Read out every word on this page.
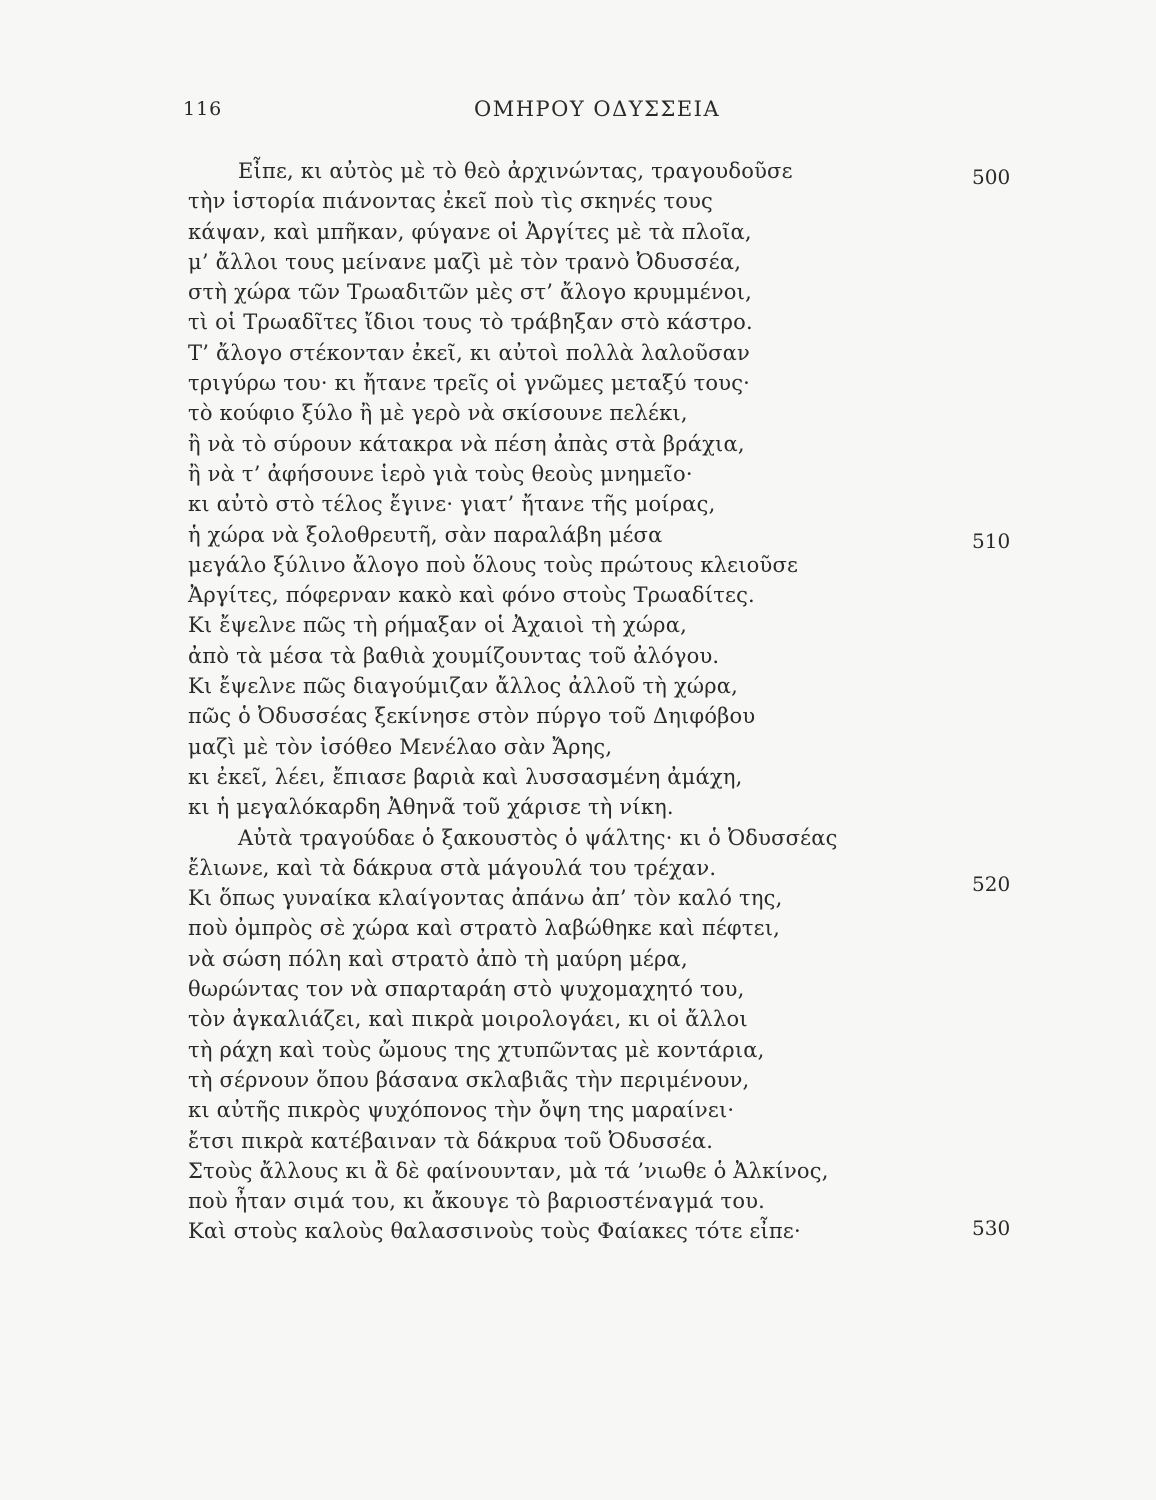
116	ΟΜΗΡΟΥ ΟΔΥΣΣΕΙΑ
Εἶπε, κι αὐτὸς μὲ τὸ θεὸ ἀρχινώντας, τραγουδοῦσε
τὴν ἱστορία πιάνοντας ἐκεῖ ποὺ τὶς σκηνές τους
κάψαν, καὶ μπῆκαν, φύγανε οἱ Ἀργίτες μὲ τὰ πλοῖα,
μ’ ἄλλοι τους μείνανε μαζὶ μὲ τὸν τρανὸ Ὀδυσσέα,
στὴ χώρα τῶν Τρωαδιτῶν μὲς στ’ ἄλογο κρυμμένοι,
τὶ οἱ Τρωαδῖτες ἴδιοι τους τὸ τράβηξαν στὸ κάστρο.
Τ’ ἄλογο στέκονταν ἐκεῖ, κι αὐτοὶ πολλὰ λαλοῦσαν
τριγύρω του· κι ἤτανε τρεῖς οἱ γνῶμες μεταξύ τους·
τὸ κούφιο ξύλο ἢ μὲ γερὸ νὰ σκίσουνε πελέκι,
ἢ νὰ τὸ σύρουν κάτακρα νὰ πέση ἀπὰς στὰ βράχια,
ἢ νὰ τ’ ἀφήσουνε ἱερὸ γιὰ τοὺς θεοὺς μνημεῖο·
κι αὐτὸ στὸ τέλος ἔγινε· γιατ’ ἤτανε τῆς μοίρας,
ἡ χώρα νὰ ξολοθρευτῆ, σὰν παραλάβη μέσα
μεγάλο ξύλινο ἄλογο ποὺ ὅλους τοὺς πρώτους κλειοῦσε
Ἀργίτες, πόφερναν κακὸ καὶ φόνο στοὺς Τρωαδίτες.
Κι ἔψελνε πῶς τὴ ρήμαξαν οἱ Ἀχαιοὶ τὴ χώρα,
ἀπὸ τὰ μέσα τὰ βαθιὰ χουμίζουντας τοῦ ἀλόγου.
Κι ἔψελνε πῶς διαγούμιζαν ἄλλος ἀλλοῦ τὴ χώρα,
πῶς ὁ Ὀδυσσέας ξεκίνησε στὸν πύργο τοῦ Δηιφόβου
μαζὶ μὲ τὸν ἰσόθεο Μενέλαο σὰν Ἄρης,
κι ἐκεῖ, λέει, ἔπιασε βαριὰ καὶ λυσσασμένη ἀμάχη,
κι ἡ μεγαλόκαρδη Ἀθηνᾶ τοῦ χάρισε τὴ νίκη.
Αὐτὰ τραγούδαε ὁ ξακουστὸς ὁ ψάλτης· κι ὁ Ὀδυσσέας
ἔλιωνε, καὶ τὰ δάκρυα στὰ μάγουλά του τρέχαν.
Κι ὅπως γυναίκα κλαίγοντας ἀπάνω ἀπ’ τὸν καλό της,
ποὺ ὀμπρὸς σὲ χώρα καὶ στρατὸ λαβώθηκε καὶ πέφτει,
νὰ σώση πόλη καὶ στρατὸ ἀπὸ τὴ μαύρη μέρα,
θωρώντας τον νὰ σπαρταράη στὸ ψυχομαχητό του,
τὸν ἀγκαλιάζει, καὶ πικρὰ μοιρολογάει, κι οἱ ἄλλοι
τὴ ράχη καὶ τοὺς ὤμους της χτυπῶντας μὲ κοντάρια,
τὴ σέρνουν ὅπου βάσανα σκλαβιᾶς τὴν περιμένουν,
κι αὐτῆς πικρὸς ψυχόπονος τὴν ὄψη της μαραίνει·
ἔτσι πικρὰ κατέβαιναν τὰ δάκρυα τοῦ Ὀδυσσέα.
Στοὺς ἄλλους κι ἂ δὲ φαίνουνταν, μὰ τά ’νιωθε ὁ Ἀλκίνος,
ποὺ ἦταν σιμά του, κι ἄκουγε τὸ βαριοστέναγμά του.
Καὶ στοὺς καλοὺς θαλασσινοὺς τοὺς Φαίακες τότε εἶπε·
500
510
520
530
